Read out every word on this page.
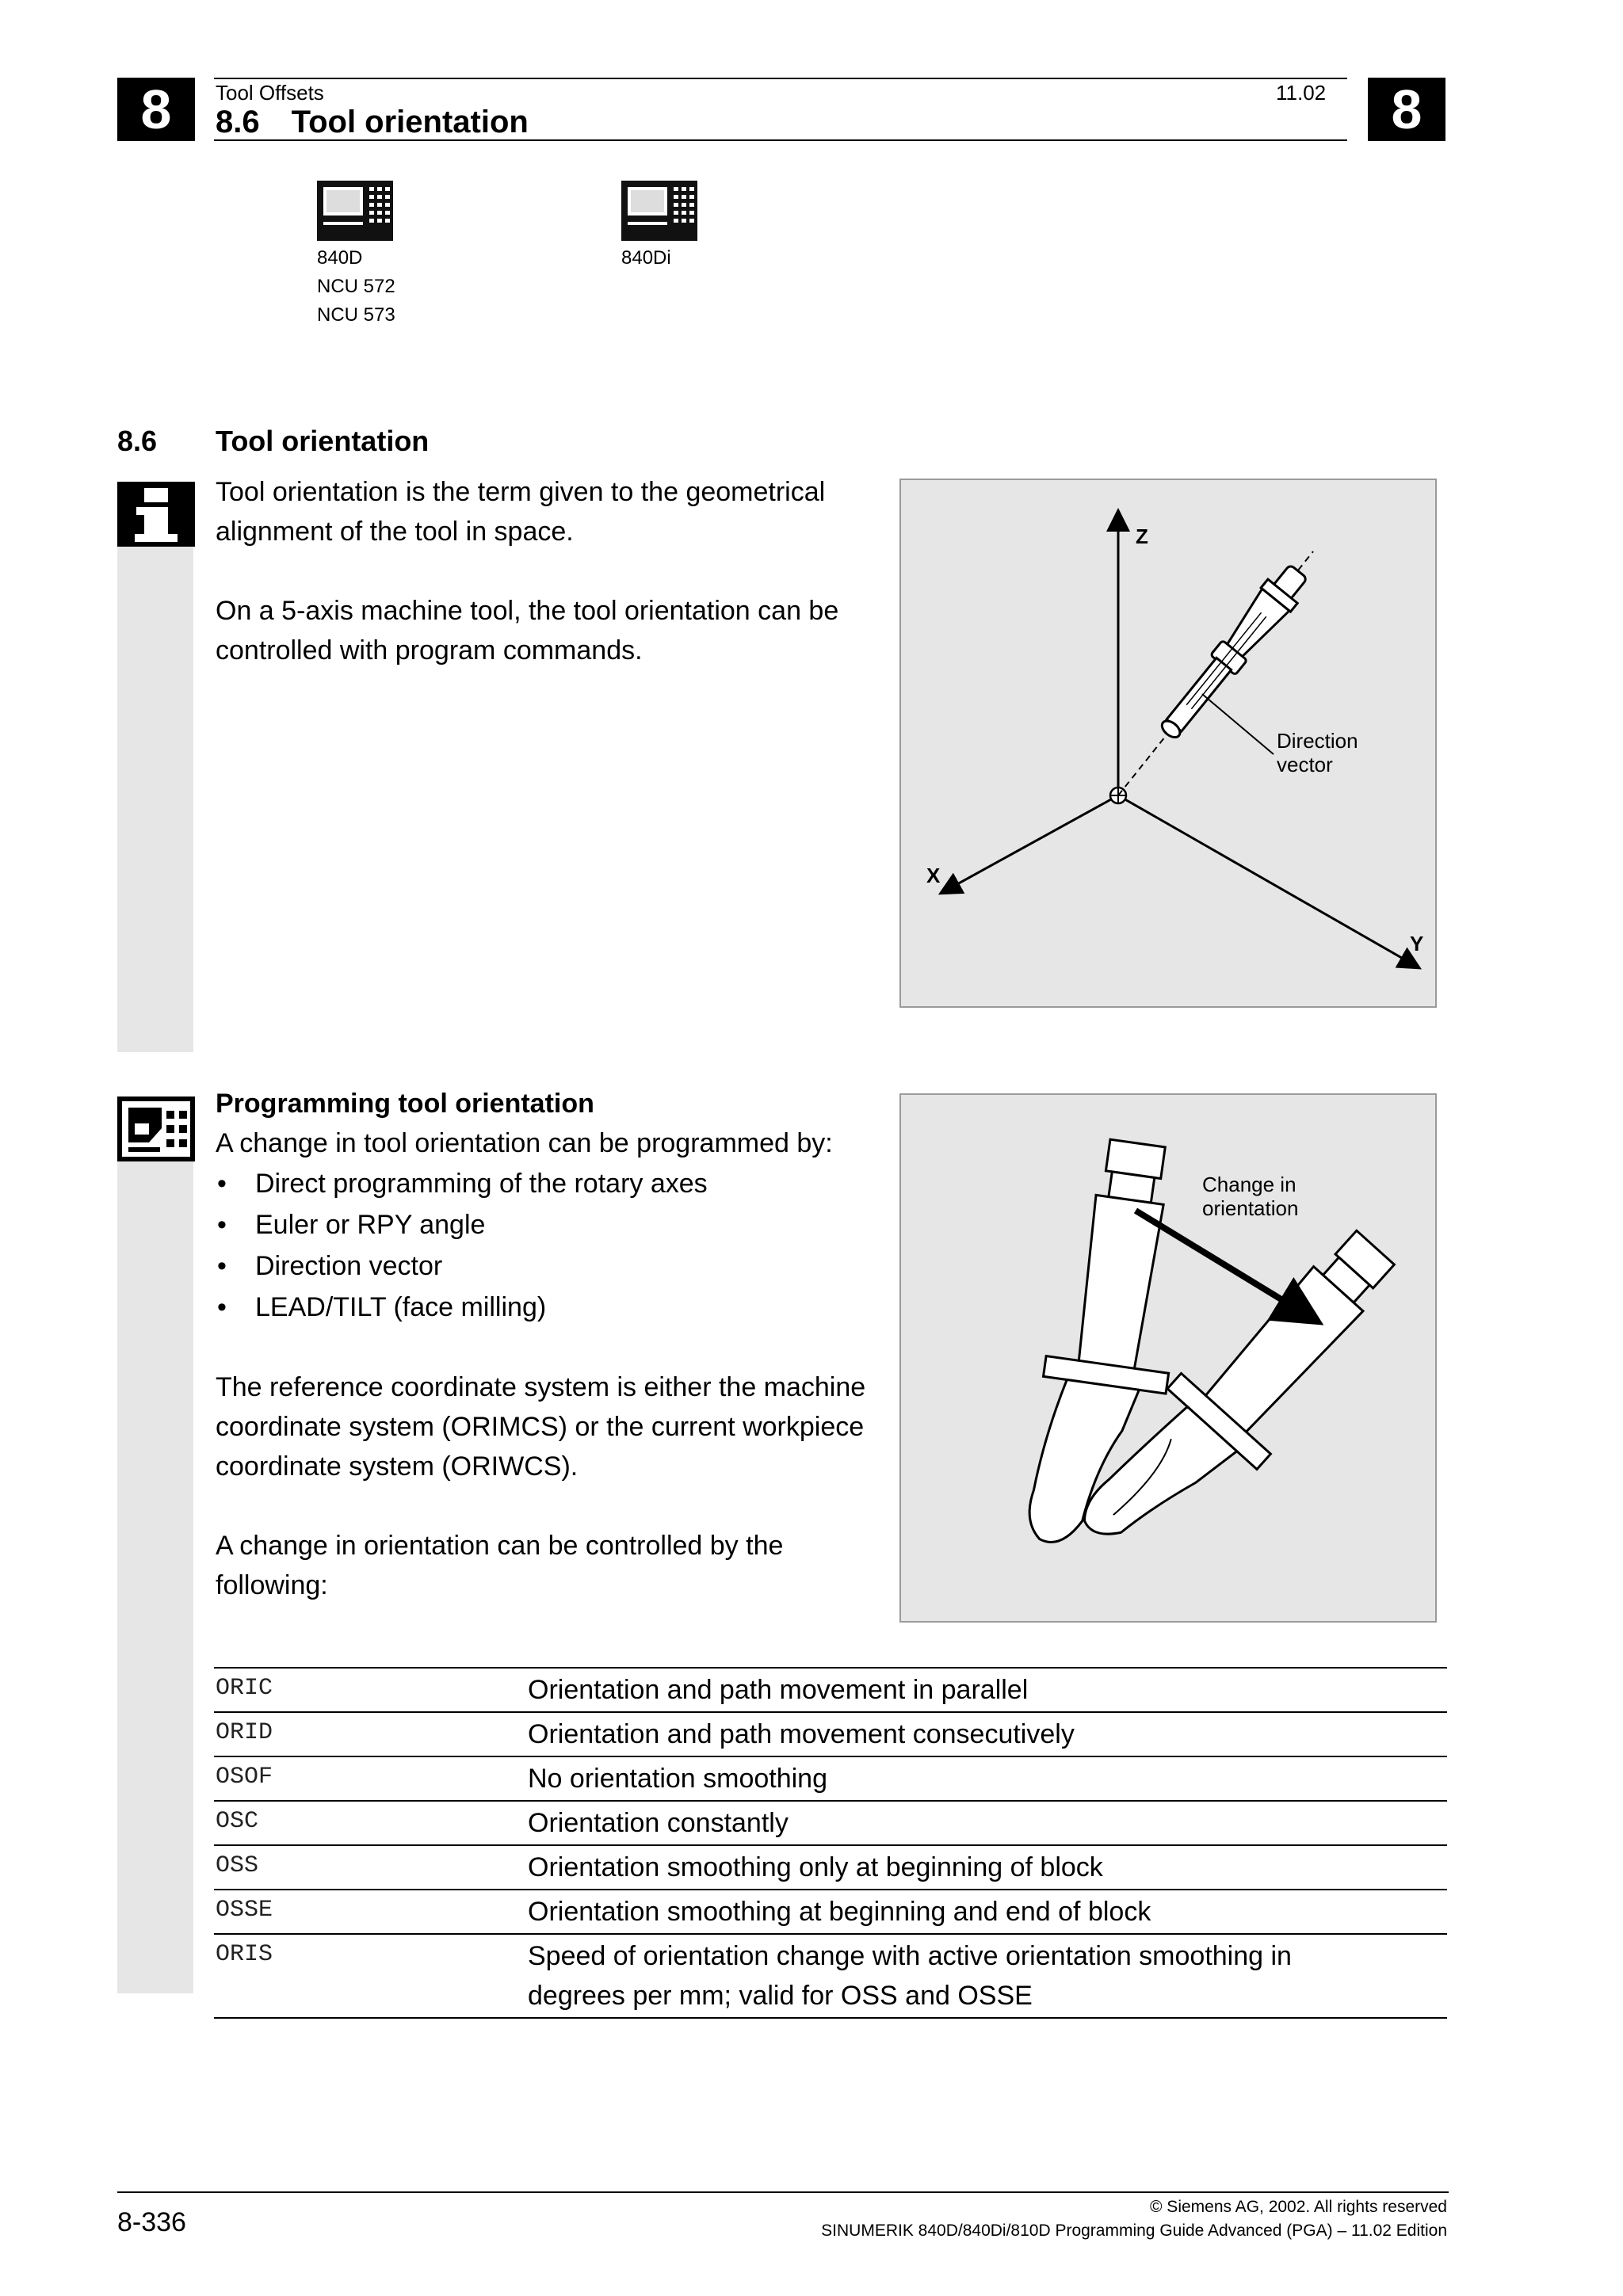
8	Tool Offsets
8.6 Tool orientation
11.02	8
840D
NCU 572
NCU 573
840Di
8.6 Tool orientation

Tool orientation is the term given to the geometrical alignment of the tool in space.

On a 5-axis machine tool, the tool orientation can be controlled with program commands.

Z
X
Y
Direction
vector

Programming tool orientation

A change in tool orientation can be programmed by:

• Direct programming of the rotary axes
• Euler or RPY angle
• Direction vector
• LEAD/TILT (face milling)

The reference coordinate system is either the machine coordinate system (ORIMCS) or the current workpiece coordinate system (ORIWCS).

A change in orientation can be controlled by the following:

Change in
orientation
ORIC	Orientation and path movement in parallel
ORID	Orientation and path movement consecutively
OSOF	No orientation smoothing
OSC	Orientation constantly
OSS	Orientation smoothing only at beginning of block
OSSE	Orientation smoothing at beginning and end of block
ORIS	Speed of orientation change with active orientation smoothing in degrees per mm; valid for OSS and OSSE
8-336
© Siemens AG, 2002. All rights reserved
SINUMERIK 840D/840Di/810D Programming Guide Advanced (PGA) – 11.02 Edition
